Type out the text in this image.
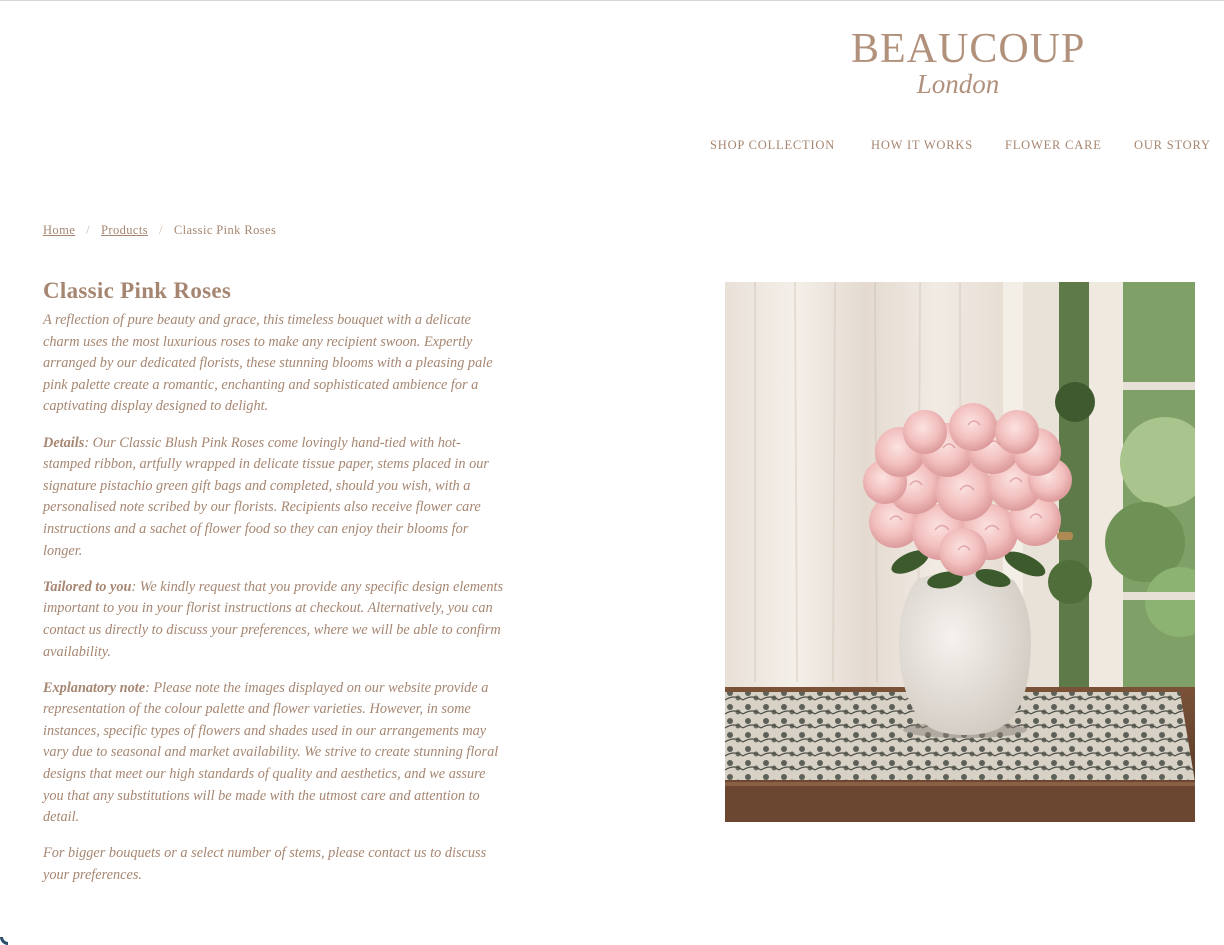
BEAUCOUP
London
SHOP COLLECTION	HOW IT WORKS	FLOWER CARE	OUR STORY
Home / Products / Classic Pink Roses
Classic Pink Roses

A reflection of pure beauty and grace, this timeless bouquet with a delicate charm uses the most luxurious roses to make any recipient swoon. Expertly arranged by our dedicated florists, these stunning blooms with a pleasing pale pink palette create a romantic, enchanting and sophisticated ambience for a captivating display designed to delight.

Details: Our Classic Blush Pink Roses come lovingly hand-tied with hot-stamped ribbon, artfully wrapped in delicate tissue paper, stems placed in our signature pistachio green gift bags and completed, should you wish, with a personalised note scribed by our florists. Recipients also receive flower care instructions and a sachet of flower food so they can enjoy their blooms for longer.

Tailored to you: We kindly request that you provide any specific design elements important to you in your florist instructions at checkout. Alternatively, you can contact us directly to discuss your preferences, where we will be able to confirm availability.

Explanatory note: Please note the images displayed on our website provide a representation of the colour palette and flower varieties. However, in some instances, specific types of flowers and shades used in our arrangements may vary due to seasonal and market availability. We strive to create stunning floral designs that meet our high standards of quality and aesthetics, and we assure you that any substitutions will be made with the utmost care and attention to detail.

For bigger bouquets or a select number of stems, please contact us to discuss your preferences.
